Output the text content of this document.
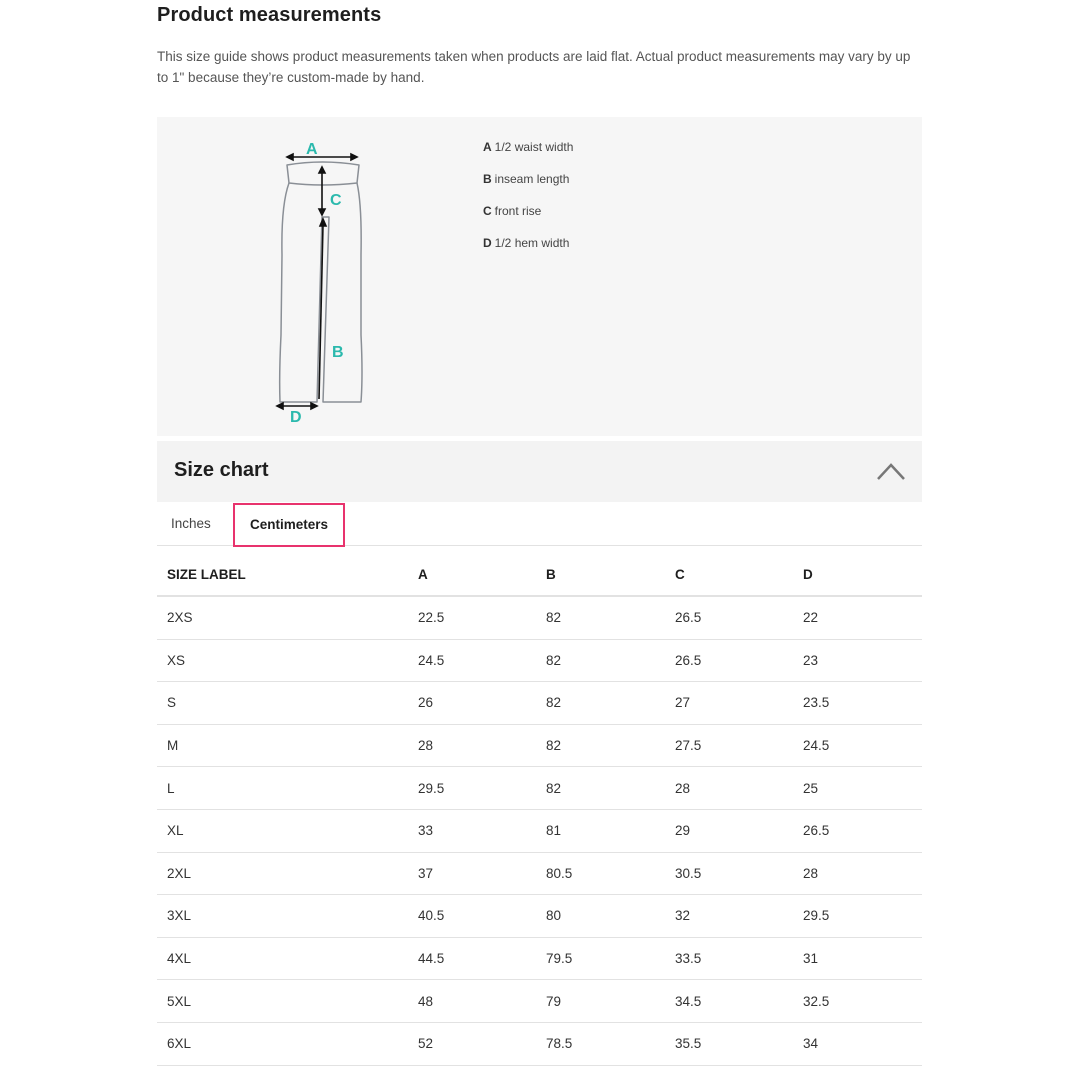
Product measurements
This size guide shows product measurements taken when products are laid flat. Actual product measurements may vary by up to 1" because they’re custom-made by hand.
A
C
B
D
A 1/2 waist width
B inseam length
C front rise
D 1/2 hem width
Size chart
Inches	Centimeters
SIZE LABEL	A	B	C	D
2XS	22.5	82	26.5	22
XS	24.5	82	26.5	23
S	26	82	27	23.5
M	28	82	27.5	24.5
L	29.5	82	28	25
XL	33	81	29	26.5
2XL	37	80.5	30.5	28
3XL	40.5	80	32	29.5
4XL	44.5	79.5	33.5	31
5XL	48	79	34.5	32.5
6XL	52	78.5	35.5	34
